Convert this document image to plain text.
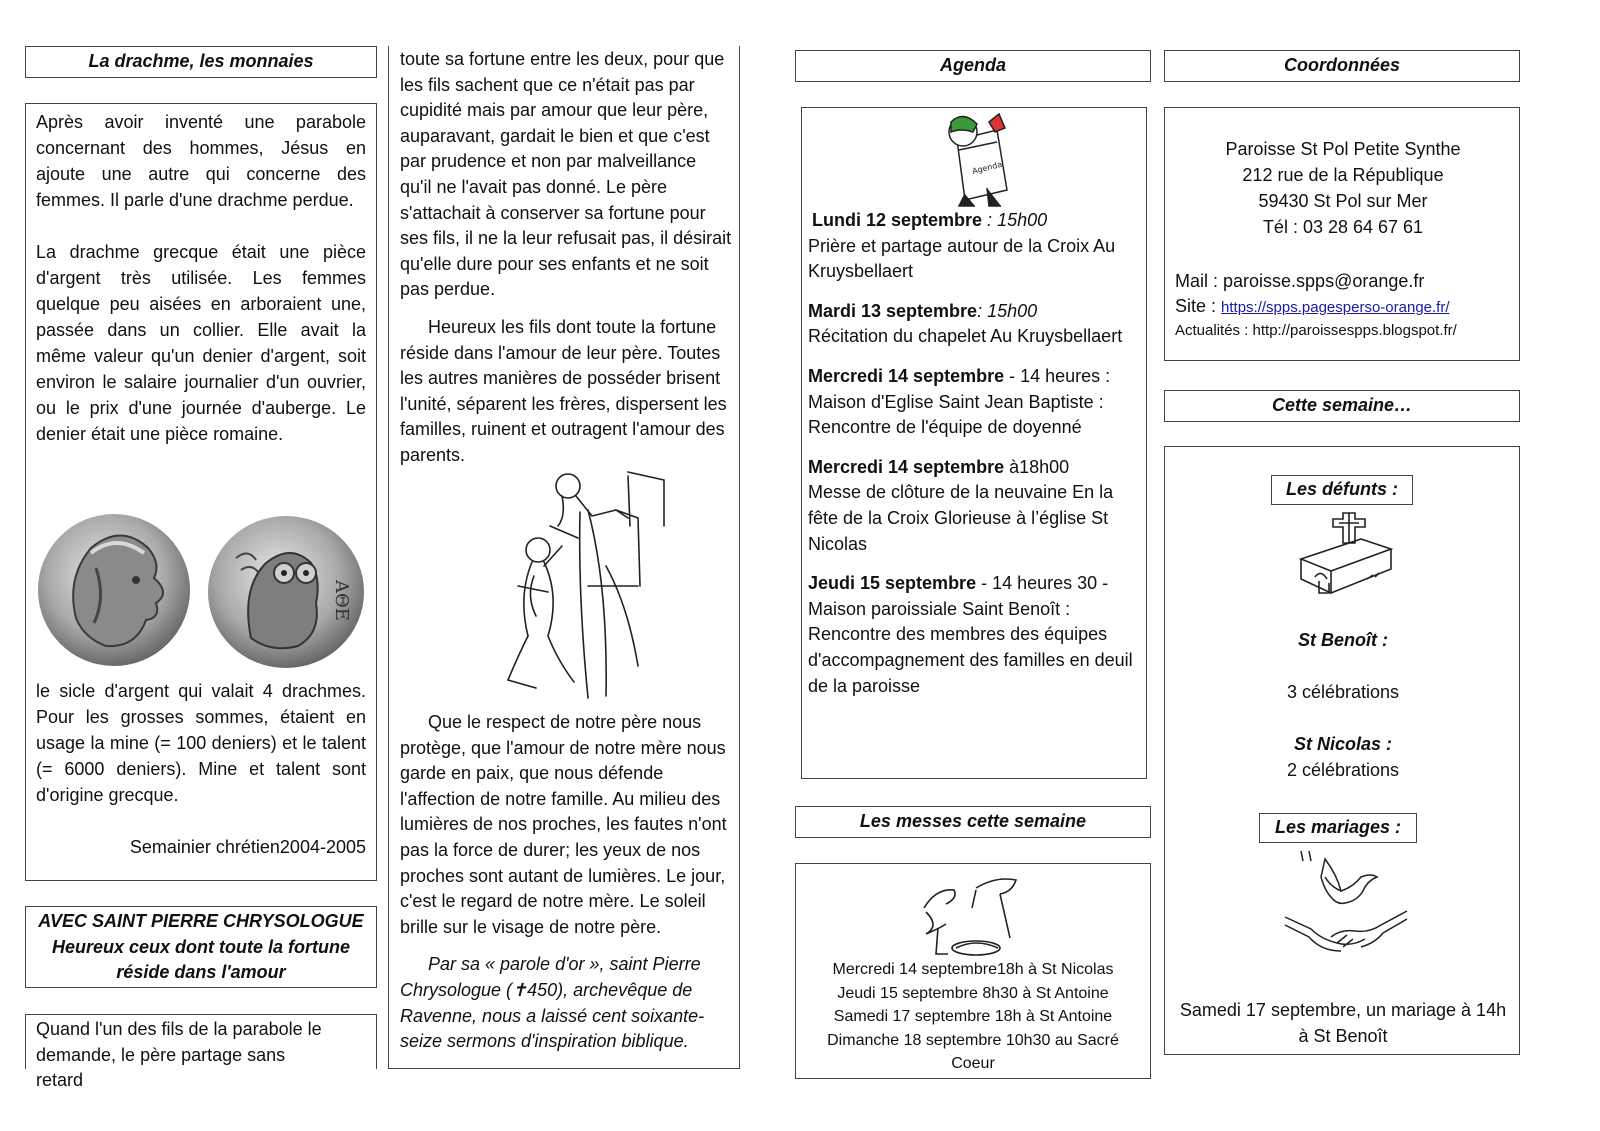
La drachme, les monnaies

Après avoir inventé une parabole concernant des hommes, Jésus en ajoute une autre qui concerne des femmes. Il parle d'une drachme perdue.

La drachme grecque était une pièce d'argent très utilisée. Les femmes quelque peu aisées en arboraient une, passée dans un collier. Elle avait la même valeur qu'un denier d'argent, soit environ le salaire journalier d'un ouvrier, ou le prix d'une journée d'auberge. Le denier était une pièce romaine.

ΑΘΕ

le sicle d'argent qui valait 4 drachmes. Pour les grosses sommes, étaient en usage la mine (= 100 deniers) et le talent (= 6000 deniers). Mine et talent sont d'origine grecque.

Semainier chrétien2004-2005
AVEC SAINT PIERRE CHRYSOLOGUE
Heureux ceux dont toute la fortune
réside dans l'amour
Quand l'un des fils de la parabole le demande, le père partage sans retard

toute sa fortune entre les deux, pour que les fils sachent que ce n'était pas par cupidité mais par amour que leur père, auparavant, gardait le bien et que c'est par prudence et non par malveillance qu'il ne l'avait pas donné. Le père s'attachait à conserver sa fortune pour ses fils, il ne la leur refusait pas, il désirait qu'elle dure pour ses enfants et ne soit pas perdue.

Heureux les fils dont toute la fortune réside dans l'amour de leur père. Toutes les autres manières de posséder brisent l'unité, séparent les frères, dispersent les familles, ruinent et outragent l'amour des parents.

Que le respect de notre père nous protège, que l'amour de notre mère nous garde en paix, que nous défende l'affection de notre famille. Au milieu des lumières de nos proches, les fautes n'ont pas la force de durer; les yeux de nos proches sont autant de lumières. Le jour, c'est le regard de notre mère. Le soleil brille sur le visage de notre père.

Par sa « parole d'or », saint Pierre Chrysologue (✝450), archevêque de Ravenne, nous a laissé cent soixante-seize sermons d'inspiration biblique.

Agenda
Agenda
Lundi 12 septembre : 15h00
Prière et partage autour de la Croix Au Kruysbellaert
Mardi 13 septembre: 15h00
Récitation du chapelet Au Kruysbellaert
Mercredi 14 septembre - 14 heures :
Maison d'Eglise Saint Jean Baptiste : Rencontre de l'équipe de doyenné
Mercredi 14 septembre à18h00
Messe de clôture de la neuvaine En la fête de la Croix Glorieuse à l’église St Nicolas
Jeudi 15 septembre - 14 heures 30 -
Maison paroissiale Saint Benoît : Rencontre des membres des équipes d'accompagnement des familles en deuil de la paroisse
Les messes cette semaine
Mercredi 14 septembre18h à St Nicolas
Jeudi 15 septembre 8h30 à St Antoine
Samedi 17 septembre 18h à St Antoine
Dimanche 18 septembre 10h30 au Sacré
Coeur
Coordonnées
Paroisse St Pol Petite Synthe
212 rue de la République
59430 St Pol sur Mer
Tél : 03 28 64 67 61
Mail : paroisse.spps@orange.fr
Site : https://spps.pagesperso-orange.fr/
Actualités : http://paroissespps.blogspot.fr/
Cette semaine…
Les défunts :
St Benoît :
3 célébrations
St Nicolas :
2 célébrations
Les mariages :
Samedi 17 septembre, un mariage à 14h à St Benoît
